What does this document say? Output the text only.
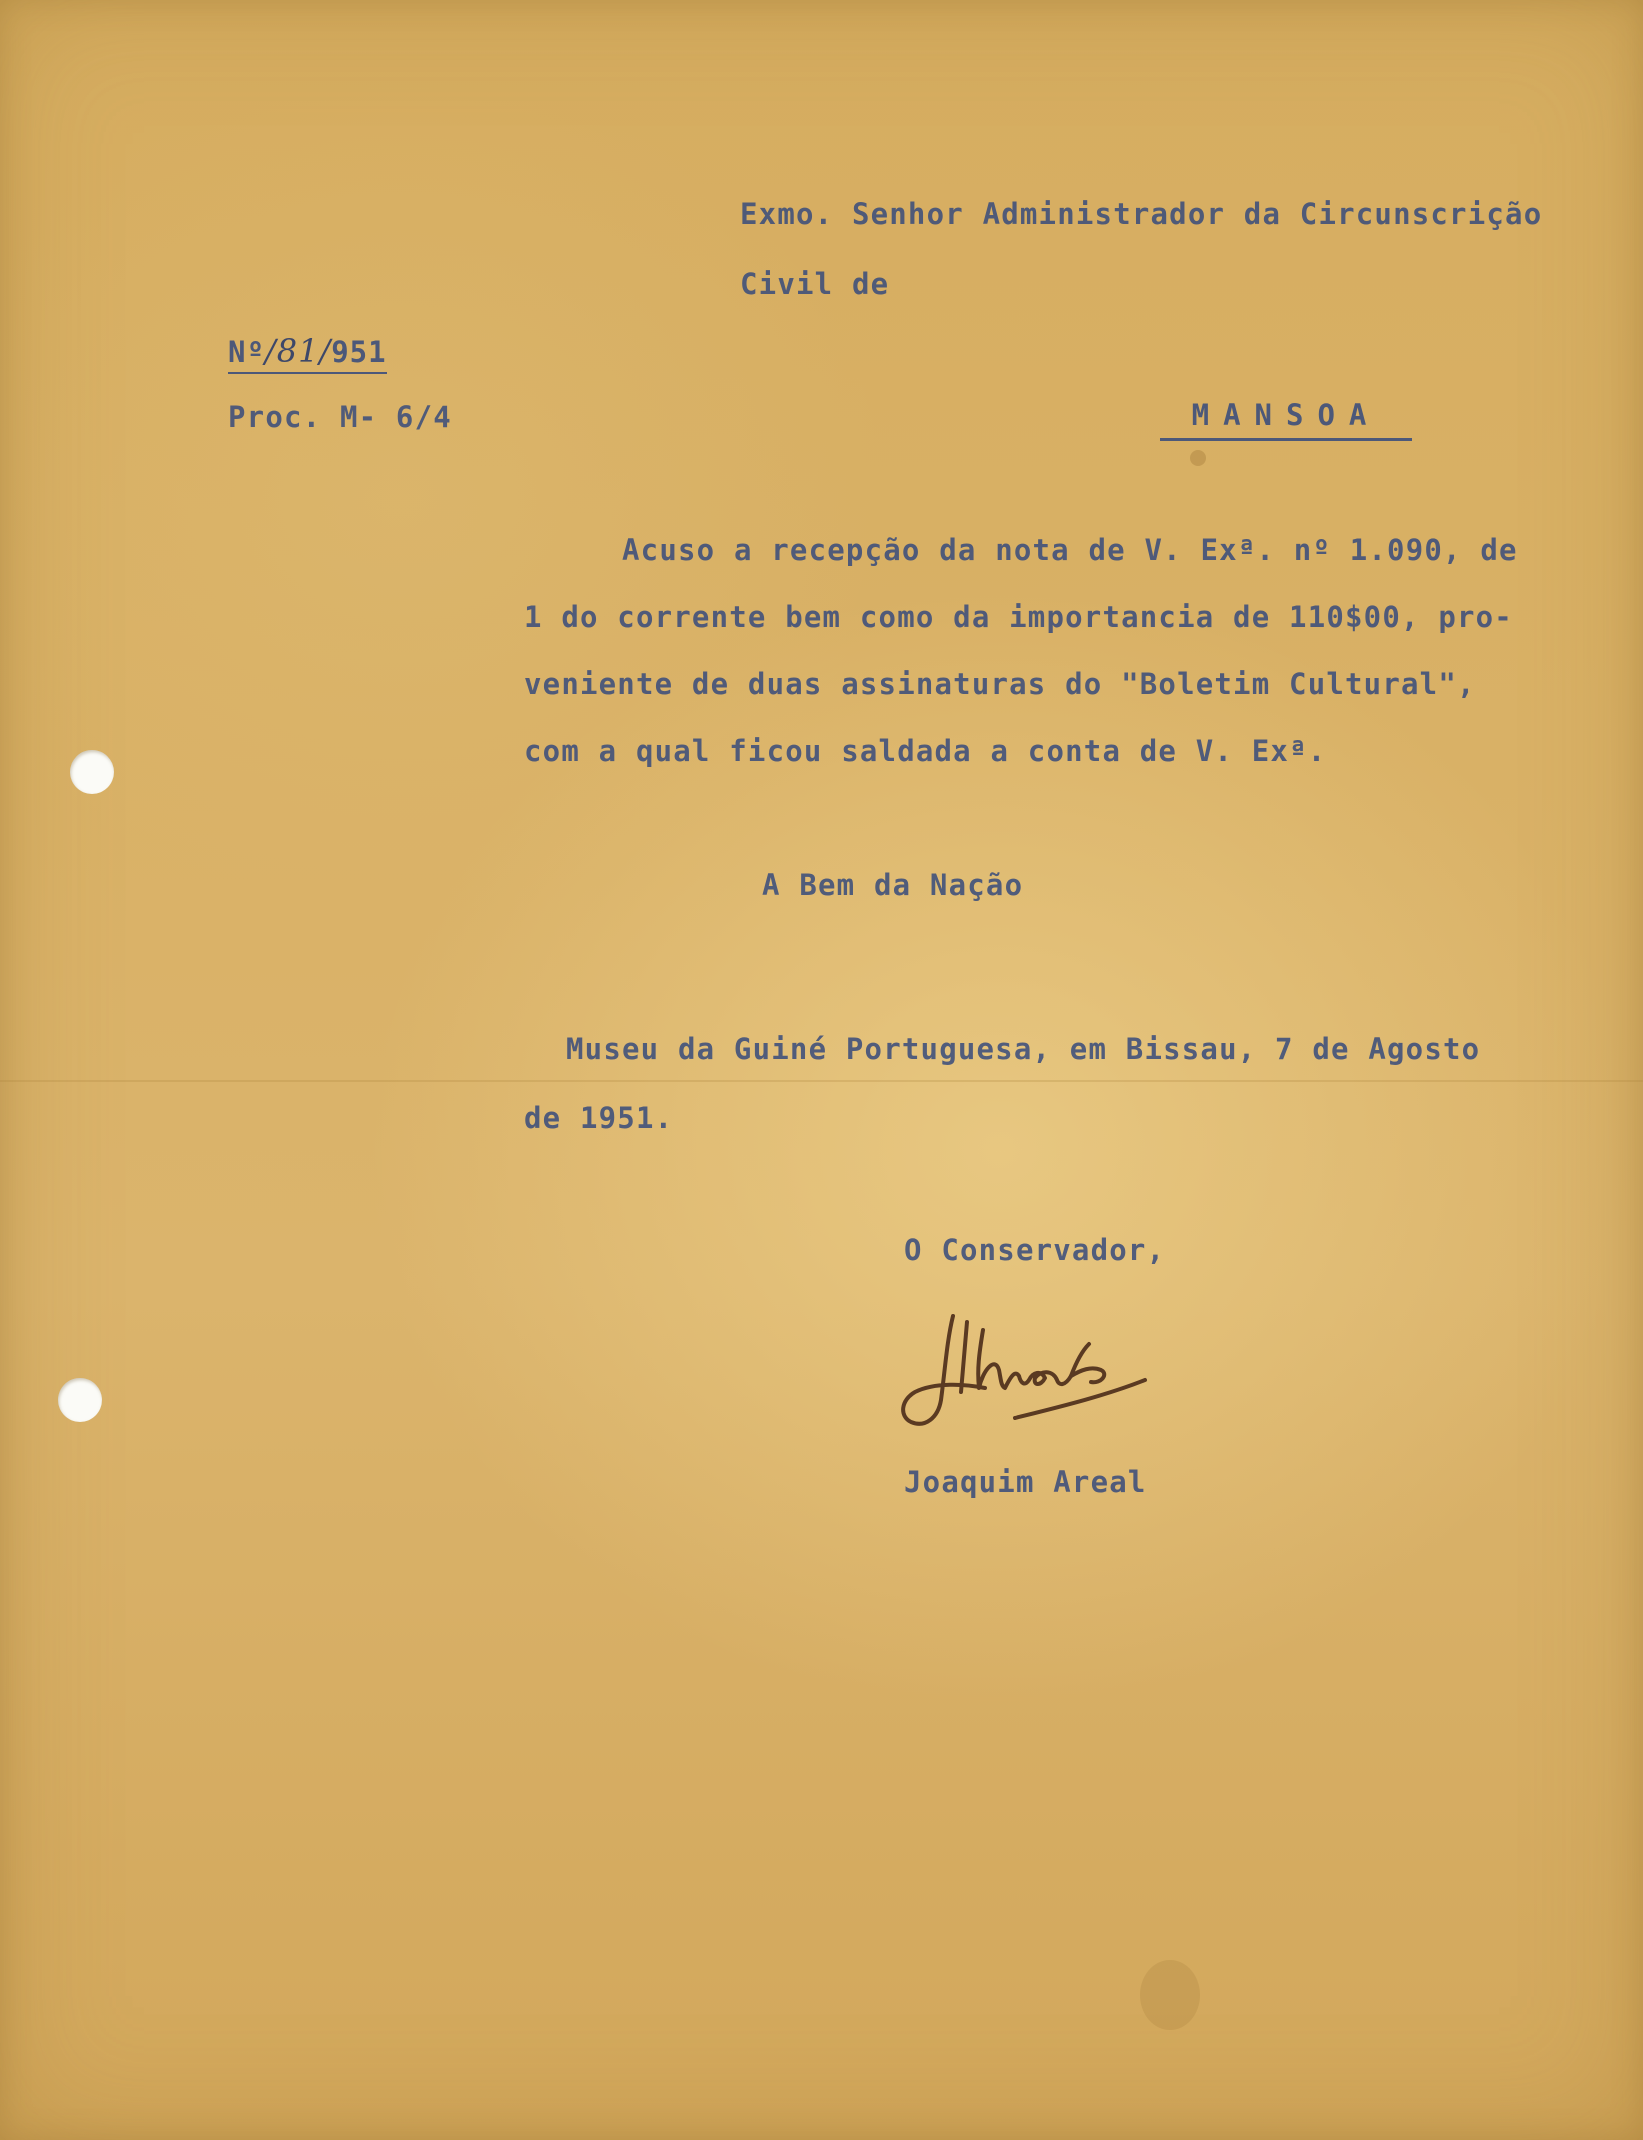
Exmo. Senhor Administrador da Circunscrição
Civil de
Nº/81/951
Proc. M- 6/4	MANSOA
Acuso a recepção da nota de V. Exª. nº 1.090, de
1 do corrente bem como da importancia de 110$00, pro-
veniente de duas assinaturas do "Boletim Cultural",
com a qual ficou saldada a conta de V. Exª.
A Bem da Nação
Museu da Guiné Portuguesa, em Bissau, 7 de Agosto
de 1951.
O Conservador,
Joaquim Areal
